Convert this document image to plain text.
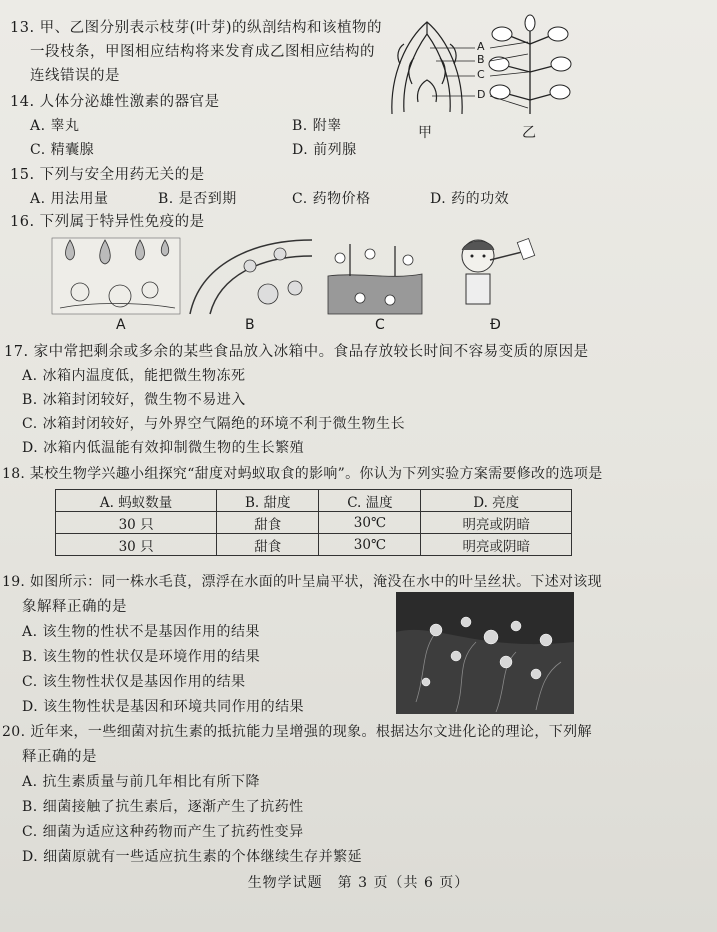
13. 甲、乙图分别表示枝芽(叶芽)的纵剖结构和该植物的
一段枝条，甲图相应结构将来发育成乙图相应结构的
连线错误的是
A
B
C
D
甲	乙
14. 人体分泌雄性激素的器官是
A. 睾丸	B. 附睾
C. 精囊腺	D. 前列腺
15. 下列与安全用药无关的是
A. 用法用量	B. 是否到期	C. 药物价格	D. 药的功效
16. 下列属于特异性免疫的是
A	B	C	Đ
17. 家中常把剩余或多余的某些食品放入冰箱中。食品存放较长时间不容易变质的原因是
A. 冰箱内温度低，能把微生物冻死
B. 冰箱封闭较好，微生物不易进入
C. 冰箱封闭较好，与外界空气隔绝的环境不利于微生物生长
D. 冰箱内低温能有效抑制微生物的生长繁殖
18. 某校生物学兴趣小组探究“甜度对蚂蚁取食的影响”。你认为下列实验方案需要修改的选项是
A. 蚂蚁数量	B. 甜度	C. 温度	D. 亮度
30 只	甜食	30℃	明亮或阴暗
30 只	甜食	30℃	明亮或阴暗
19. 如图所示：同一株水毛茛，漂浮在水面的叶呈扁平状，淹没在水中的叶呈丝状。下述对该现
象解释正确的是
A. 该生物的性状不是基因作用的结果
B. 该生物的性状仅是环境作用的结果
C. 该生物性状仅是基因作用的结果
D. 该生物性状是基因和环境共同作用的结果
20. 近年来，一些细菌对抗生素的抵抗能力呈增强的现象。根据达尔文进化论的理论，下列解
释正确的是
A. 抗生素质量与前几年相比有所下降
B. 细菌接触了抗生素后，逐渐产生了抗药性
C. 细菌为适应这种药物而产生了抗药性变异
D. 细菌原就有一些适应抗生素的个体继续生存并繁延
生物学试题　第 3 页（共 6 页）
